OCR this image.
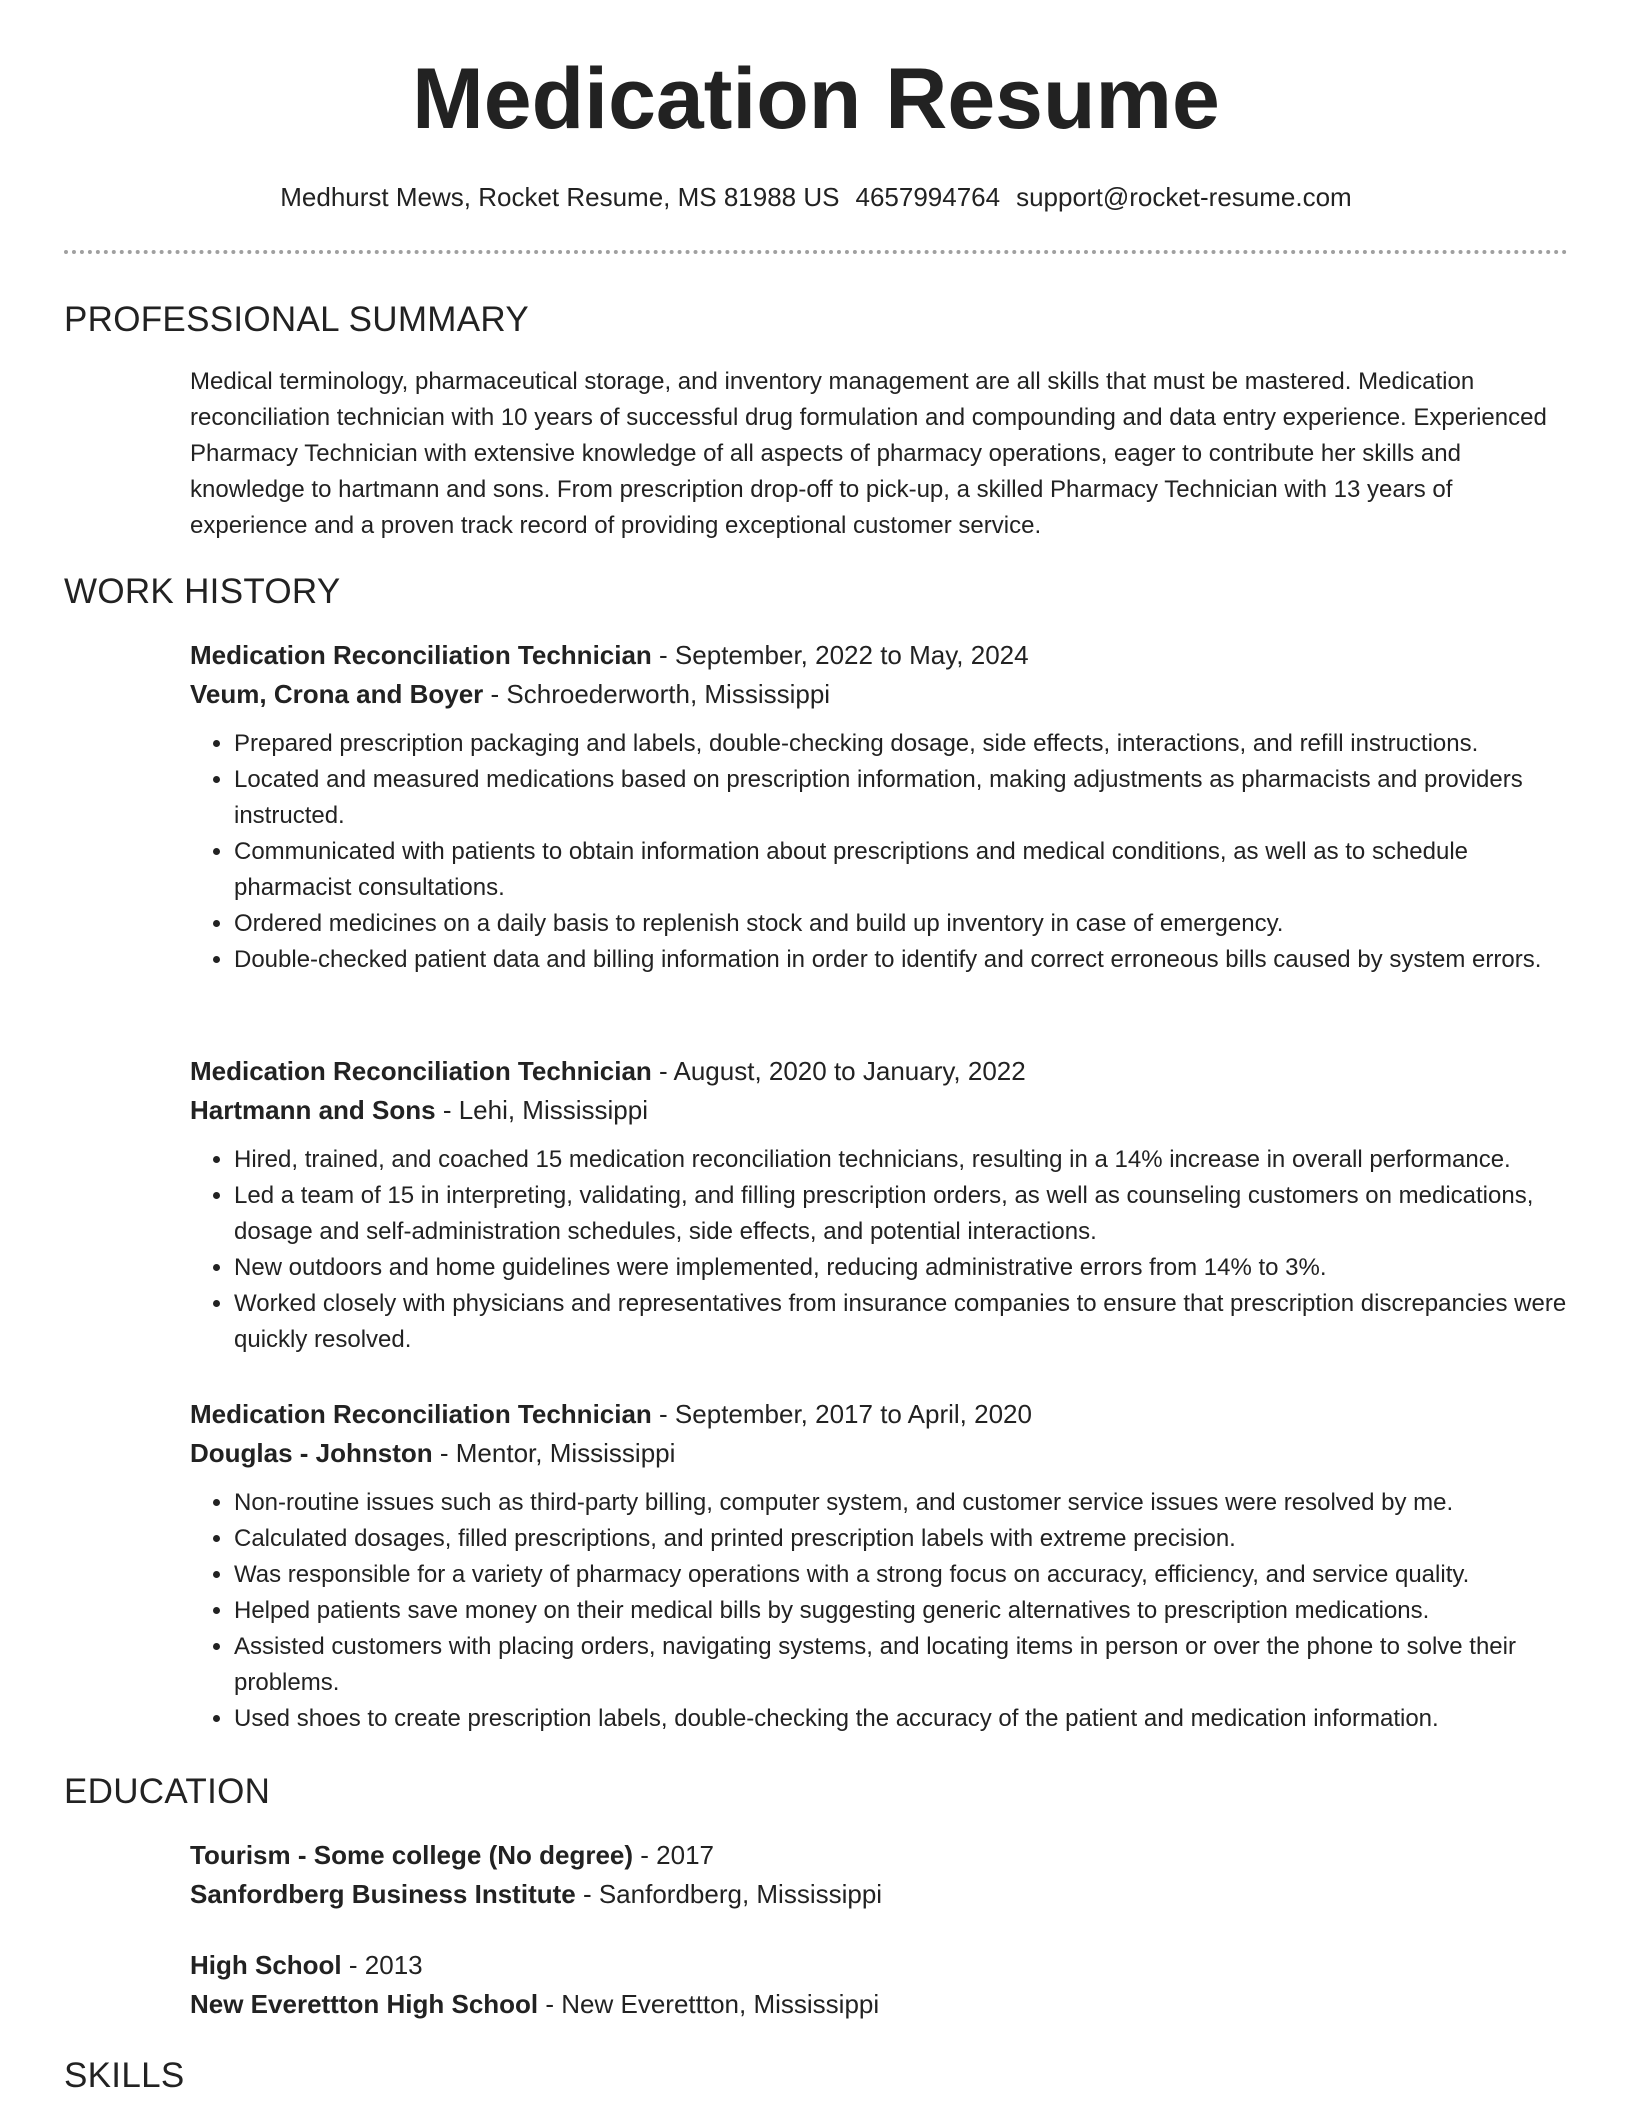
Medication Resume
Medhurst Mews, Rocket Resume, MS 81988 US 4657994764 support@rocket-resume.com
PROFESSIONAL SUMMARY

Medical terminology, pharmaceutical storage, and inventory management are all skills that must be mastered. Medication reconciliation technician with 10 years of successful drug formulation and compounding and data entry experience. Experienced Pharmacy Technician with extensive knowledge of all aspects of pharmacy operations, eager to contribute her skills and knowledge to hartmann and sons. From prescription drop-off to pick-up, a skilled Pharmacy Technician with 13 years of experience and a proven track record of providing exceptional customer service.

WORK HISTORY

Medication Reconciliation Technician - September, 2022 to May, 2024

Veum, Crona and Boyer - Schroederworth, Mississippi

• Prepared prescription packaging and labels, double-checking dosage, side effects, interactions, and refill instructions.
• Located and measured medications based on prescription information, making adjustments as pharmacists and providers instructed.
• Communicated with patients to obtain information about prescriptions and medical conditions, as well as to schedule pharmacist consultations.
• Ordered medicines on a daily basis to replenish stock and build up inventory in case of emergency.
• Double-checked patient data and billing information in order to identify and correct erroneous bills caused by system errors.

Medication Reconciliation Technician - August, 2020 to January, 2022

Hartmann and Sons - Lehi, Mississippi

• Hired, trained, and coached 15 medication reconciliation technicians, resulting in a 14% increase in overall performance.
• Led a team of 15 in interpreting, validating, and filling prescription orders, as well as counseling customers on medications, dosage and self-administration schedules, side effects, and potential interactions.
• New outdoors and home guidelines were implemented, reducing administrative errors from 14% to 3%.
• Worked closely with physicians and representatives from insurance companies to ensure that prescription discrepancies were quickly resolved.

Medication Reconciliation Technician - September, 2017 to April, 2020

Douglas - Johnston - Mentor, Mississippi

• Non-routine issues such as third-party billing, computer system, and customer service issues were resolved by me.
• Calculated dosages, filled prescriptions, and printed prescription labels with extreme precision.
• Was responsible for a variety of pharmacy operations with a strong focus on accuracy, efficiency, and service quality.
• Helped patients save money on their medical bills by suggesting generic alternatives to prescription medications.
• Assisted customers with placing orders, navigating systems, and locating items in person or over the phone to solve their problems.
• Used shoes to create prescription labels, double-checking the accuracy of the patient and medication information.
EDUCATION

Tourism - Some college (No degree) - 2017

Sanfordberg Business Institute - Sanfordberg, Mississippi

High School - 2013

New Everettton High School - New Everettton, Mississippi

SKILLS
